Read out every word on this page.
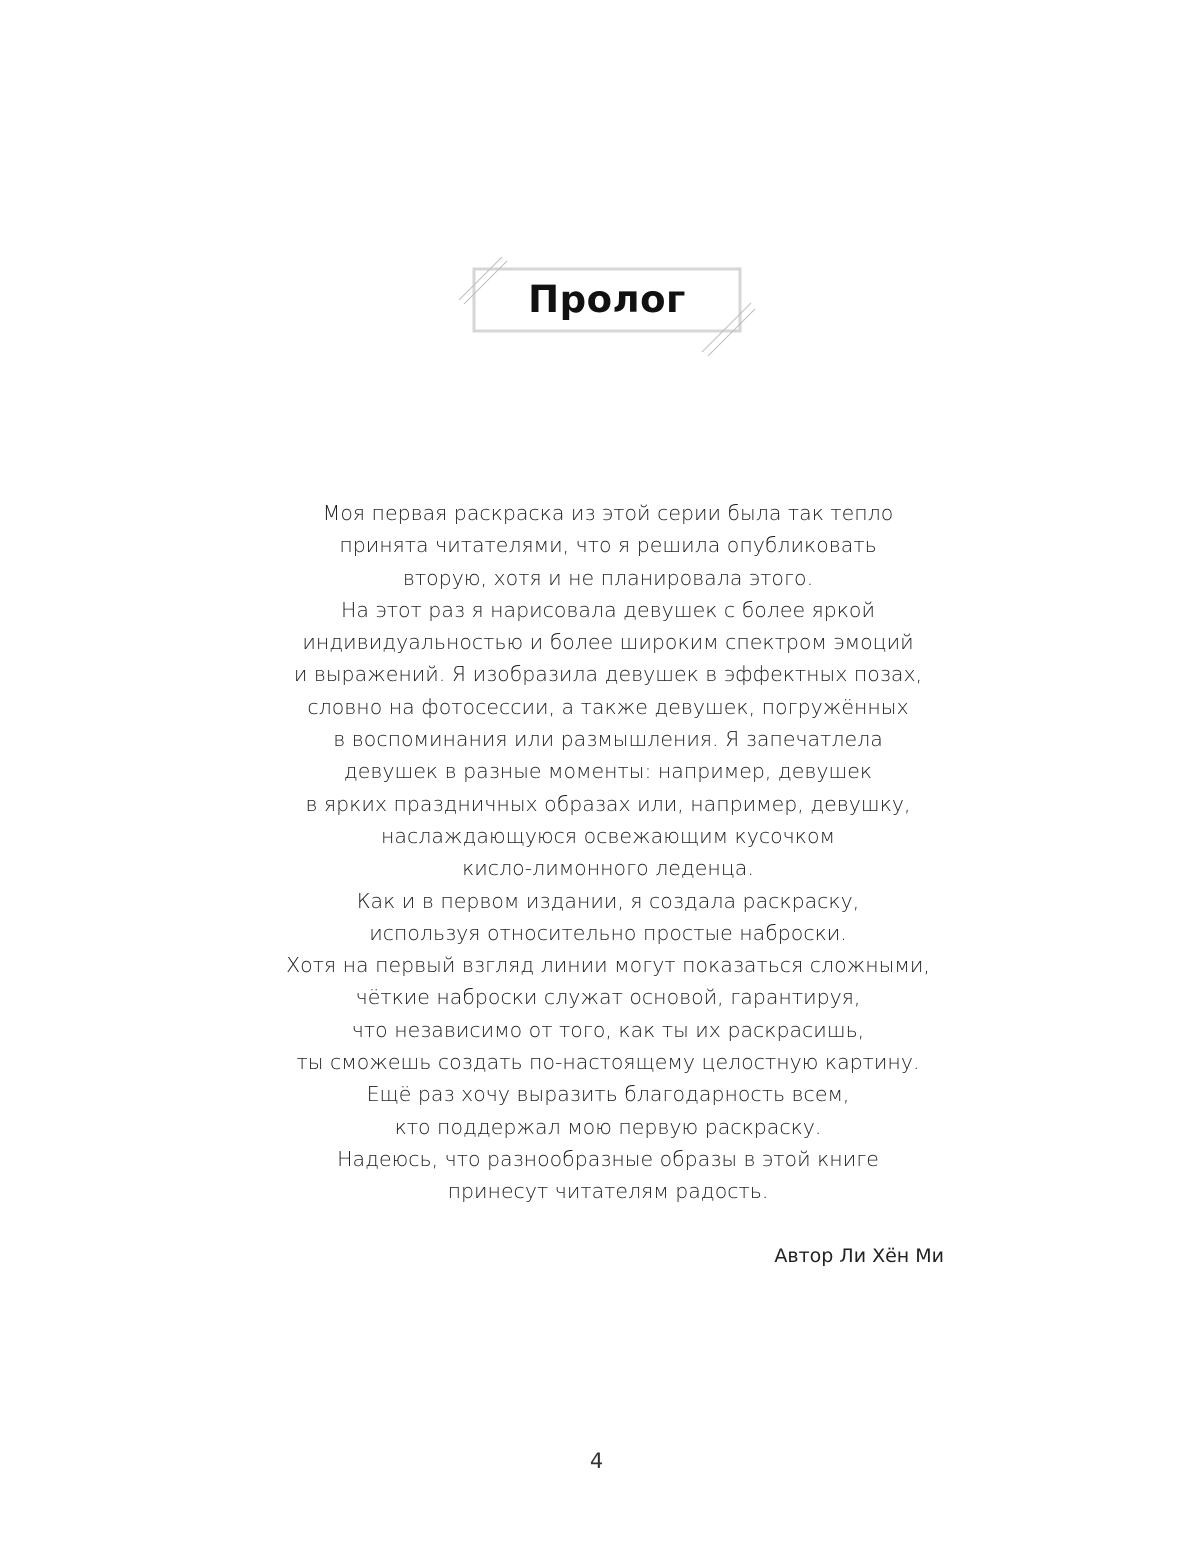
Пролог

Моя первая раскраска из этой серии была так тепло
принята читателями, что я решила опубликовать
вторую, хотя и не планировала этого.
На этот раз я нарисовала девушек с более яркой
индивидуальностью и более широким спектром эмоций
и выражений. Я изобразила девушек в эффектных позах,
словно на фотосессии, а также девушек, погружённых
в воспоминания или размышления. Я запечатлела
девушек в разные моменты: например, девушек
в ярких праздничных образах или, например, девушку,
наслаждающуюся освежающим кусочком
кисло-лимонного леденца.
Как и в первом издании, я создала раскраску,
используя относительно простые наброски.
Хотя на первый взгляд линии могут показаться сложными,
чёткие наброски служат основой, гарантируя,
что независимо от того, как ты их раскрасишь,
ты сможешь создать по-настоящему целостную картину.
Ещё раз хочу выразить благодарность всем,
кто поддержал мою первую раскраску.
Надеюсь, что разнообразные образы в этой книге
принесут читателям радость.

Автор Ли Хён Ми

4
